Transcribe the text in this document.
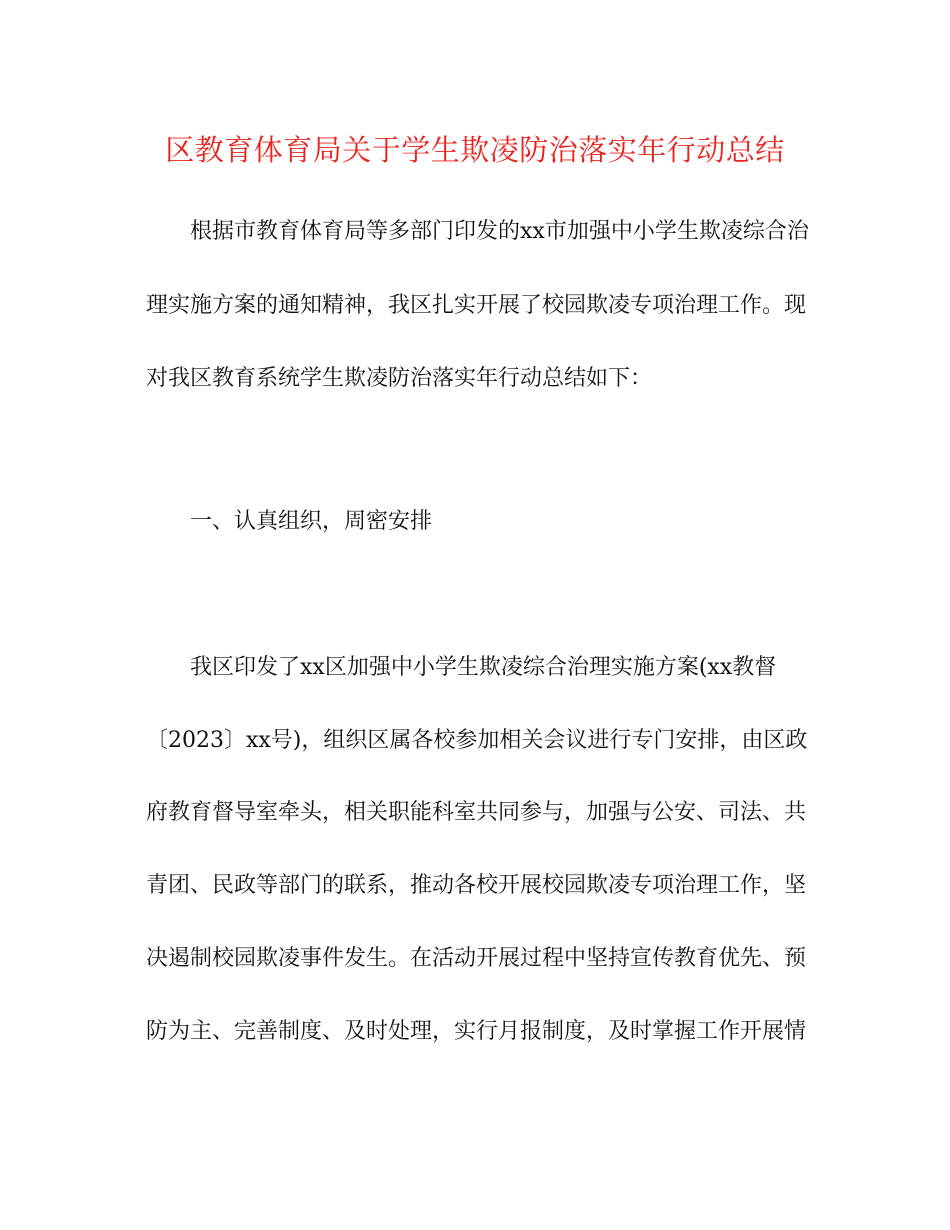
区教育体育局关于学生欺凌防治落实年行动总结

根据市教育体育局等多部门印发的xx市加强中小学生欺凌综合治

理实施方案的通知精神，我区扎实开展了校园欺凌专项治理工作。现

对我区教育系统学生欺凌防治落实年行动总结如下：

一、认真组织，周密安排

我区印发了xx区加强中小学生欺凌综合治理实施方案(xx教督

〔2023〕xx号)，组织区属各校参加相关会议进行专门安排，由区政

府教育督导室牵头，相关职能科室共同参与，加强与公安、司法、共

青团、民政等部门的联系，推动各校开展校园欺凌专项治理工作，坚

决遏制校园欺凌事件发生。在活动开展过程中坚持宣传教育优先、预

防为主、完善制度、及时处理，实行月报制度，及时掌握工作开展情
